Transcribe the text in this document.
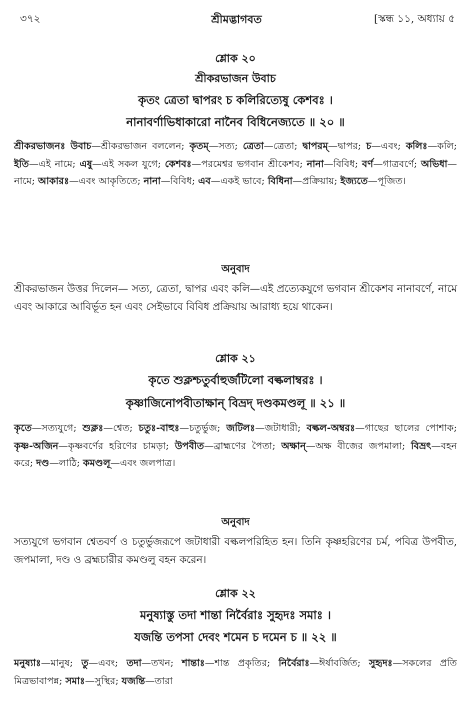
৩৭২	শ্রীমদ্ভাগবত	[স্কন্ধ ১১, অধ্যায় ৫
শ্লোক ২০
শ্রীকরভাজন উবাচ
কৃতং ত্রেতা দ্বাপরং চ কলিরিত্যেষু কেশবঃ ।
নানাবর্ণাভিধাকারো নানৈব বিধিনেজ্যতে ॥ ২০ ॥
শ্রীকরভাজনঃ উবাচ—শ্রীকরভাজন বললেন; কৃতম্—সত্য; ত্রেতা—ত্রেতা; দ্বাপরম্—দ্বাপর; চ—এবং; কলিঃ—কলি; ইতি—এই নামে; এষু—এই সকল যুগে; কেশবঃ—পরমেশ্বর ভগবান শ্রীকেশব; নানা—বিবিধ; বর্ণ—গাত্রবর্ণে; অভিধা—নামে; আকারঃ—এবং আকৃতিতে; নানা—বিবিধ; এব—একই ভাবে; বিধিনা—প্রক্রিয়ায়; ইজ্যতে—পূজিত।
অনুবাদ
শ্রীকরভাজন উত্তর দিলেন— সত্য, ত্রেতা, দ্বাপর এবং কলি—এই প্রত্যেকযুগে ভগবান শ্রীকেশব নানাবর্ণে, নামে এবং আকারে আবির্ভূত হন এবং সেইভাবে বিবিধ প্রক্রিয়ায় আরাধ্য হয়ে থাকেন।
শ্লোক ২১
কৃতে শুক্লশ্চতুর্বাহুর্জটিলো বল্কলাম্বরঃ ।
কৃষ্ণাজিনোপবীতাক্ষান্ বিভ্রদ্ দণ্ডকমণ্ডলূ ॥ ২১ ॥
কৃতে—সত্যযুগে; শুক্লঃ—শ্বেত; চতুঃ-বাহুঃ—চতুর্ভুজ; জটিলঃ—জটাধারী; বল্কল-অম্বরঃ—গাছের ছালের পোশাক; কৃষ্ণ-অজিন—কৃষ্ণবর্ণের হরিণের চামড়া; উপবীত—ব্রাহ্মণের পৈতা; অক্ষান্—অক্ষ বীজের জপমালা; বিভ্রৎ—বহন করে; দণ্ড—লাঠি; কমণ্ডলূ—এবং জলপাত্র।
অনুবাদ
সত্যযুগে ভগবান শ্বেতবর্ণ ও চতুর্ভুজরূপে জটাধারী বল্কলপরিহিত হন। তিনি কৃষ্ণহরিণের চর্ম, পবিত্র উপবীত, জপমালা, দণ্ড ও ব্রহ্মচারীর কমণ্ডলু বহন করেন।
শ্লোক ২২
মনুষ্যাস্তু তদা শান্তা নির্বৈরাঃ সুহৃদঃ সমাঃ ।
যজন্তি তপসা দেবং শমেন চ দমেন চ ॥ ২২ ॥
মনুষ্যাঃ—মানুষ; তু—এবং; তদা—তখন; শান্তাঃ—শান্ত প্রকৃতির; নির্বৈরাঃ—ঈর্ষাবর্জিত; সুহৃদঃ—সকলের প্রতি মিত্রভাবাপন্ন; সমাঃ—সুস্থির; যজন্তি—তারা
